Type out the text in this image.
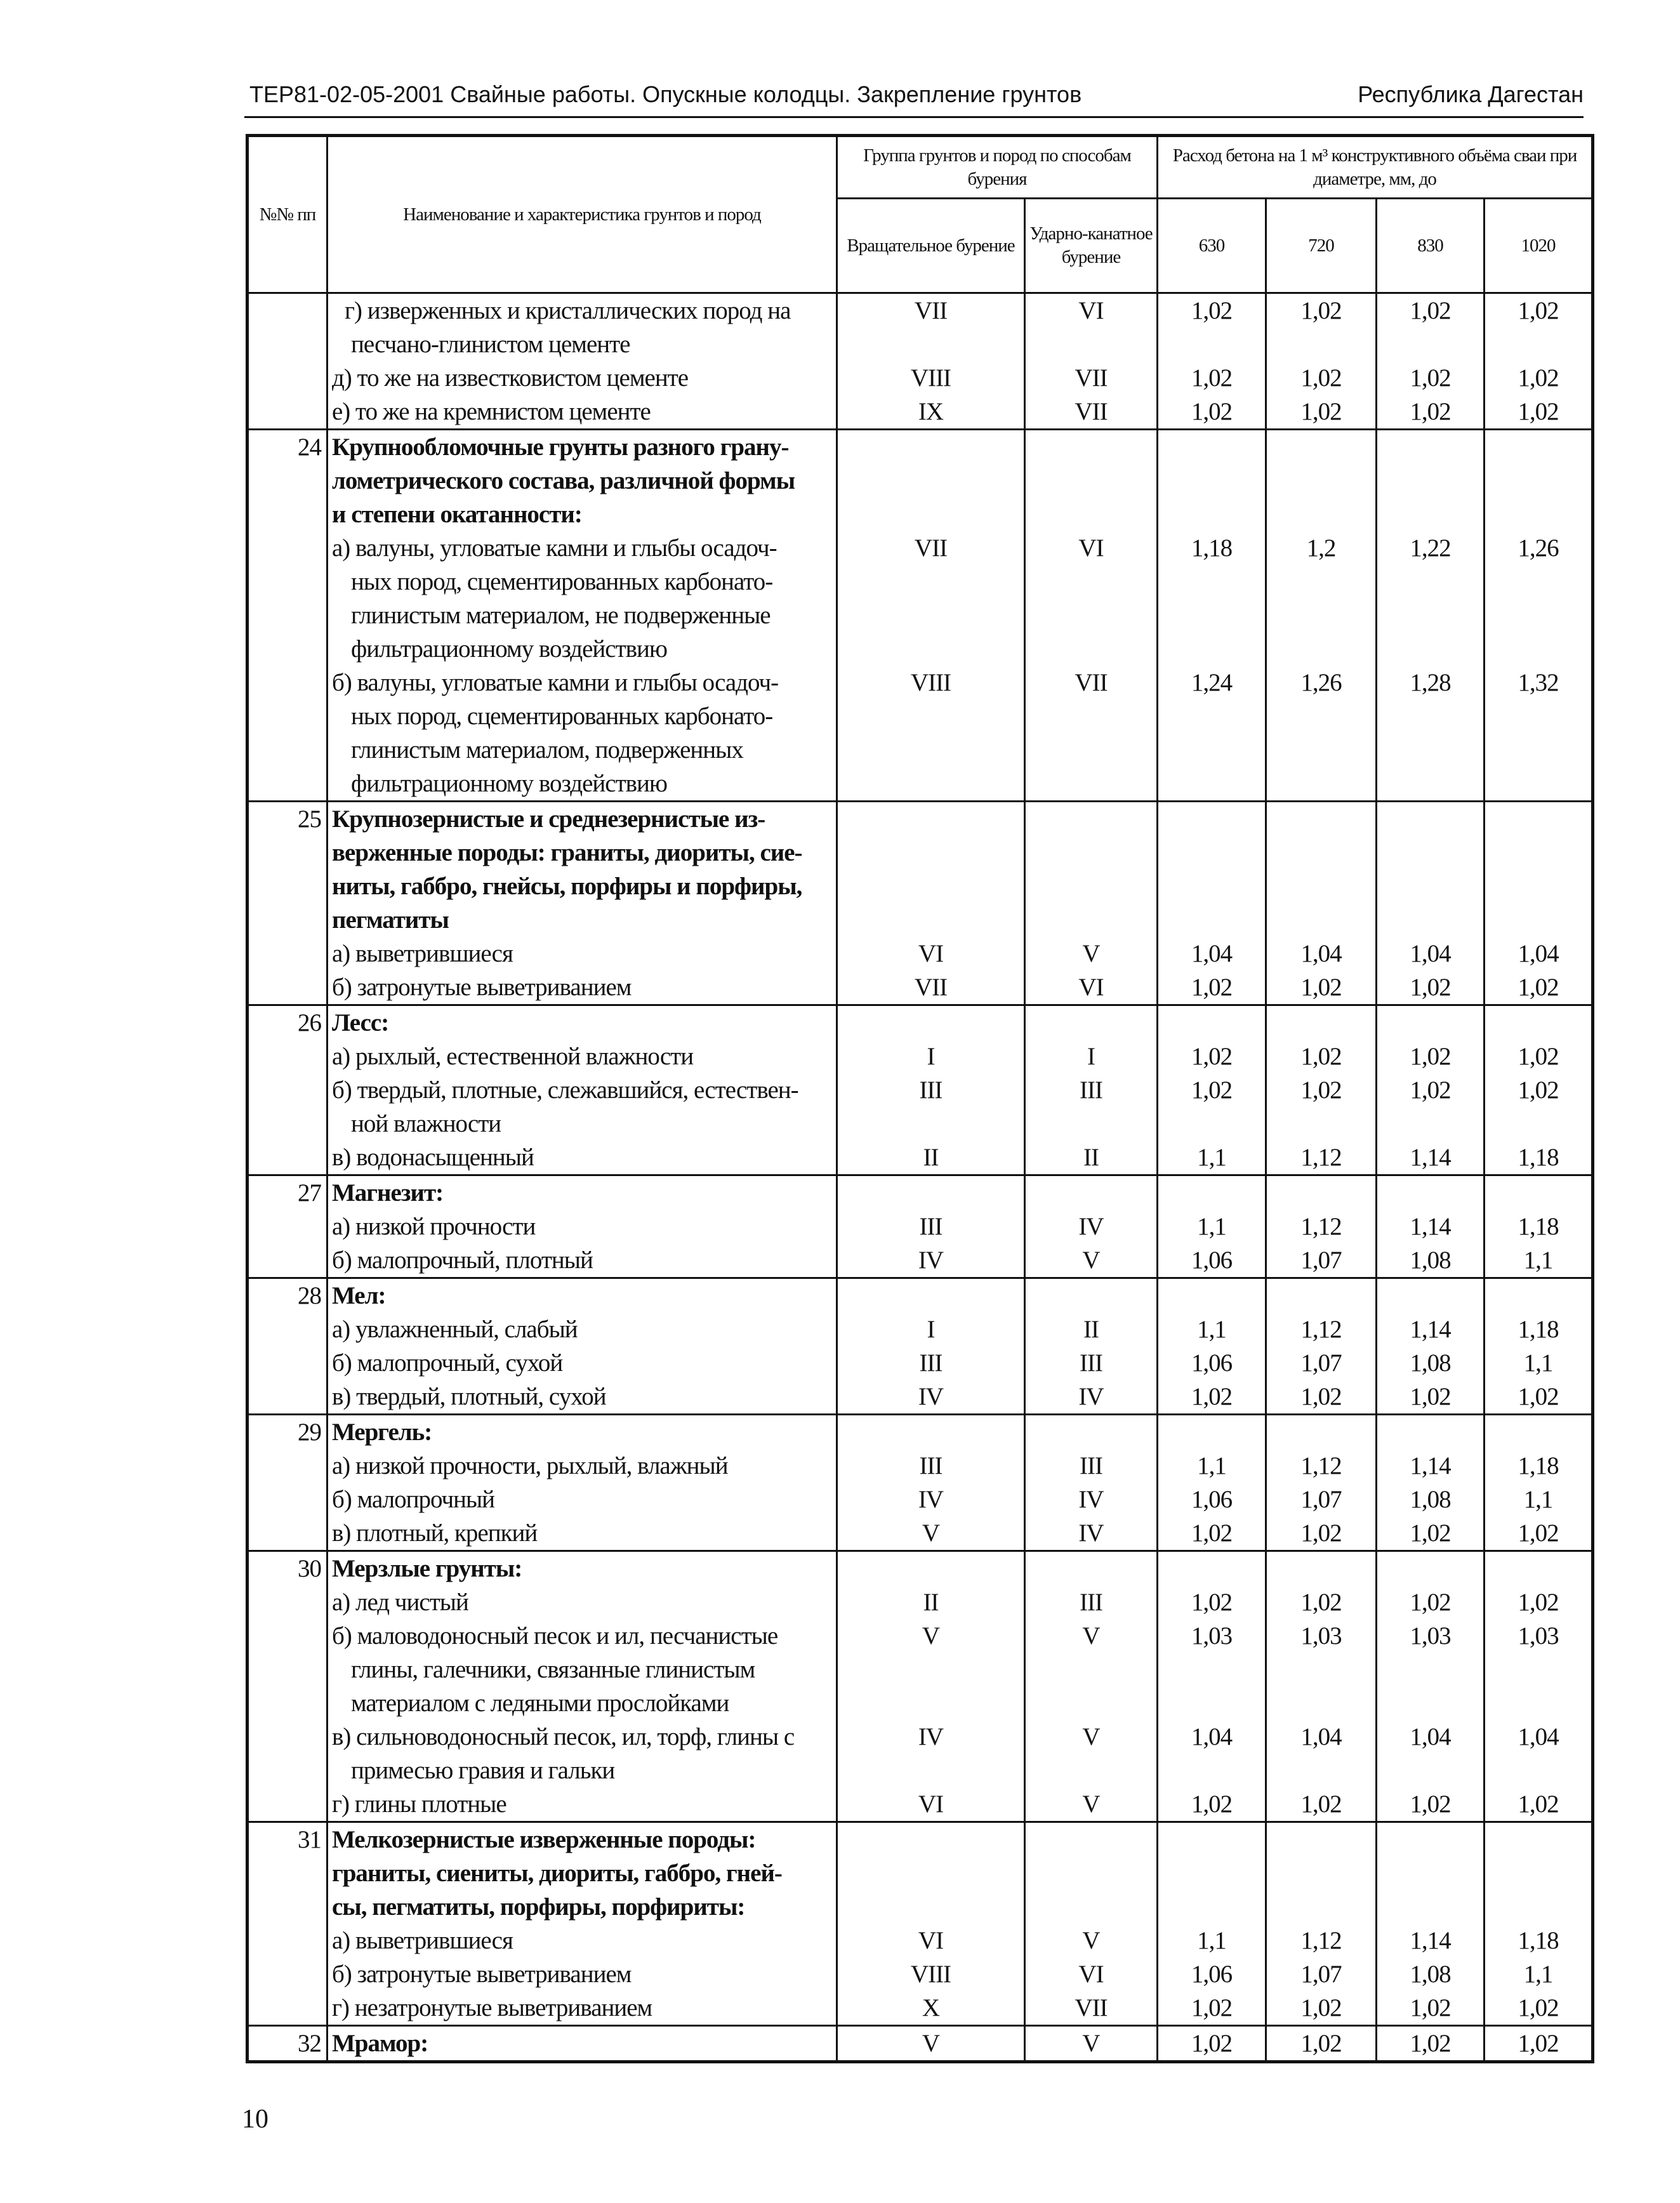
ТЕР81-02-05-2001 Свайные работы. Опускные колодцы. Закрепление грунтов	Республика Дагестан
№№ пп	Наименование и характеристика грунтов и пород	Группа грунтов и пород по способам бурения		Расход бетона на 1 м³ конструктивного объёма сваи при диаметре, мм, до			
		Вращательное бурение	Ударно-канатное бурение	630	720	830	1020

	г) изверженных и кристаллических пород на
песчано-глинистом цементе	VII	VI	1,02	1,02	1,02	1,02

	д) то же на известковистом цементе	VIII	VII	1,02	1,02	1,02	1,02

	е) то же на кремнистом цементе	IX	VII	1,02	1,02	1,02	1,02
24	Крупнообломочные грунты разного грану-
лометрического состава, различной формы
и степени окатанности:						

	а) валуны, угловатые камни и глыбы осадоч-
ных пород, сцементированных карбонато-
глинистым материалом, не подверженные
фильтрационному воздействию	VII	VI	1,18	1,2	1,22	1,26

	б) валуны, угловатые камни и глыбы осадоч-
ных пород, сцементированных карбонато-
глинистым материалом, подверженных
фильтрационному воздействию	VIII	VII	1,24	1,26	1,28	1,32
25	Крупнозернистые и среднезернистые из-
верженные породы: граниты, диориты, сие-
ниты, габбро, гнейсы, порфиры и порфиры,
пегматиты						

	а) выветрившиеся	VI	V	1,04	1,04	1,04	1,04

	б) затронутые выветриванием	VII	VI	1,02	1,02	1,02	1,02
26	Лесс:						

	а) рыхлый, естественной влажности	I	I	1,02	1,02	1,02	1,02

	б) твердый, плотные, слежавшийся, естествен-
ной влажности	III	III	1,02	1,02	1,02	1,02

	в) водонасыщенный	II	II	1,1	1,12	1,14	1,18
27	Магнезит:						

	а) низкой прочности	III	IV	1,1	1,12	1,14	1,18

	б) малопрочный, плотный	IV	V	1,06	1,07	1,08	1,1
28	Мел:						

	а) увлажненный, слабый	I	II	1,1	1,12	1,14	1,18

	б) малопрочный, сухой	III	III	1,06	1,07	1,08	1,1

	в) твердый, плотный, сухой	IV	IV	1,02	1,02	1,02	1,02
29	Мергель:						

	а) низкой прочности, рыхлый, влажный	III	III	1,1	1,12	1,14	1,18

	б) малопрочный	IV	IV	1,06	1,07	1,08	1,1

	в) плотный, крепкий	V	IV	1,02	1,02	1,02	1,02
30	Мерзлые грунты:						

	а) лед чистый	II	III	1,02	1,02	1,02	1,02

	б) маловодоносный песок и ил, песчанистые
глины, галечники, связанные глинистым
материалом с ледяными прослойками	V	V	1,03	1,03	1,03	1,03

	в) сильноводоносный песок, ил, торф, глины с
примесью гравия и гальки	IV	V	1,04	1,04	1,04	1,04

	г) глины плотные	VI	V	1,02	1,02	1,02	1,02
31	Мелкозернистые изверженные породы:
граниты, сиениты, диориты, габбро, гней-
сы, пегматиты, порфиры, порфириты:						

	а) выветрившиеся	VI	V	1,1	1,12	1,14	1,18

	б) затронутые выветриванием	VIII	VI	1,06	1,07	1,08	1,1

	г) незатронутые выветриванием	X	VII	1,02	1,02	1,02	1,02
32	Мрамор:	V	V	1,02	1,02	1,02	1,02
10
